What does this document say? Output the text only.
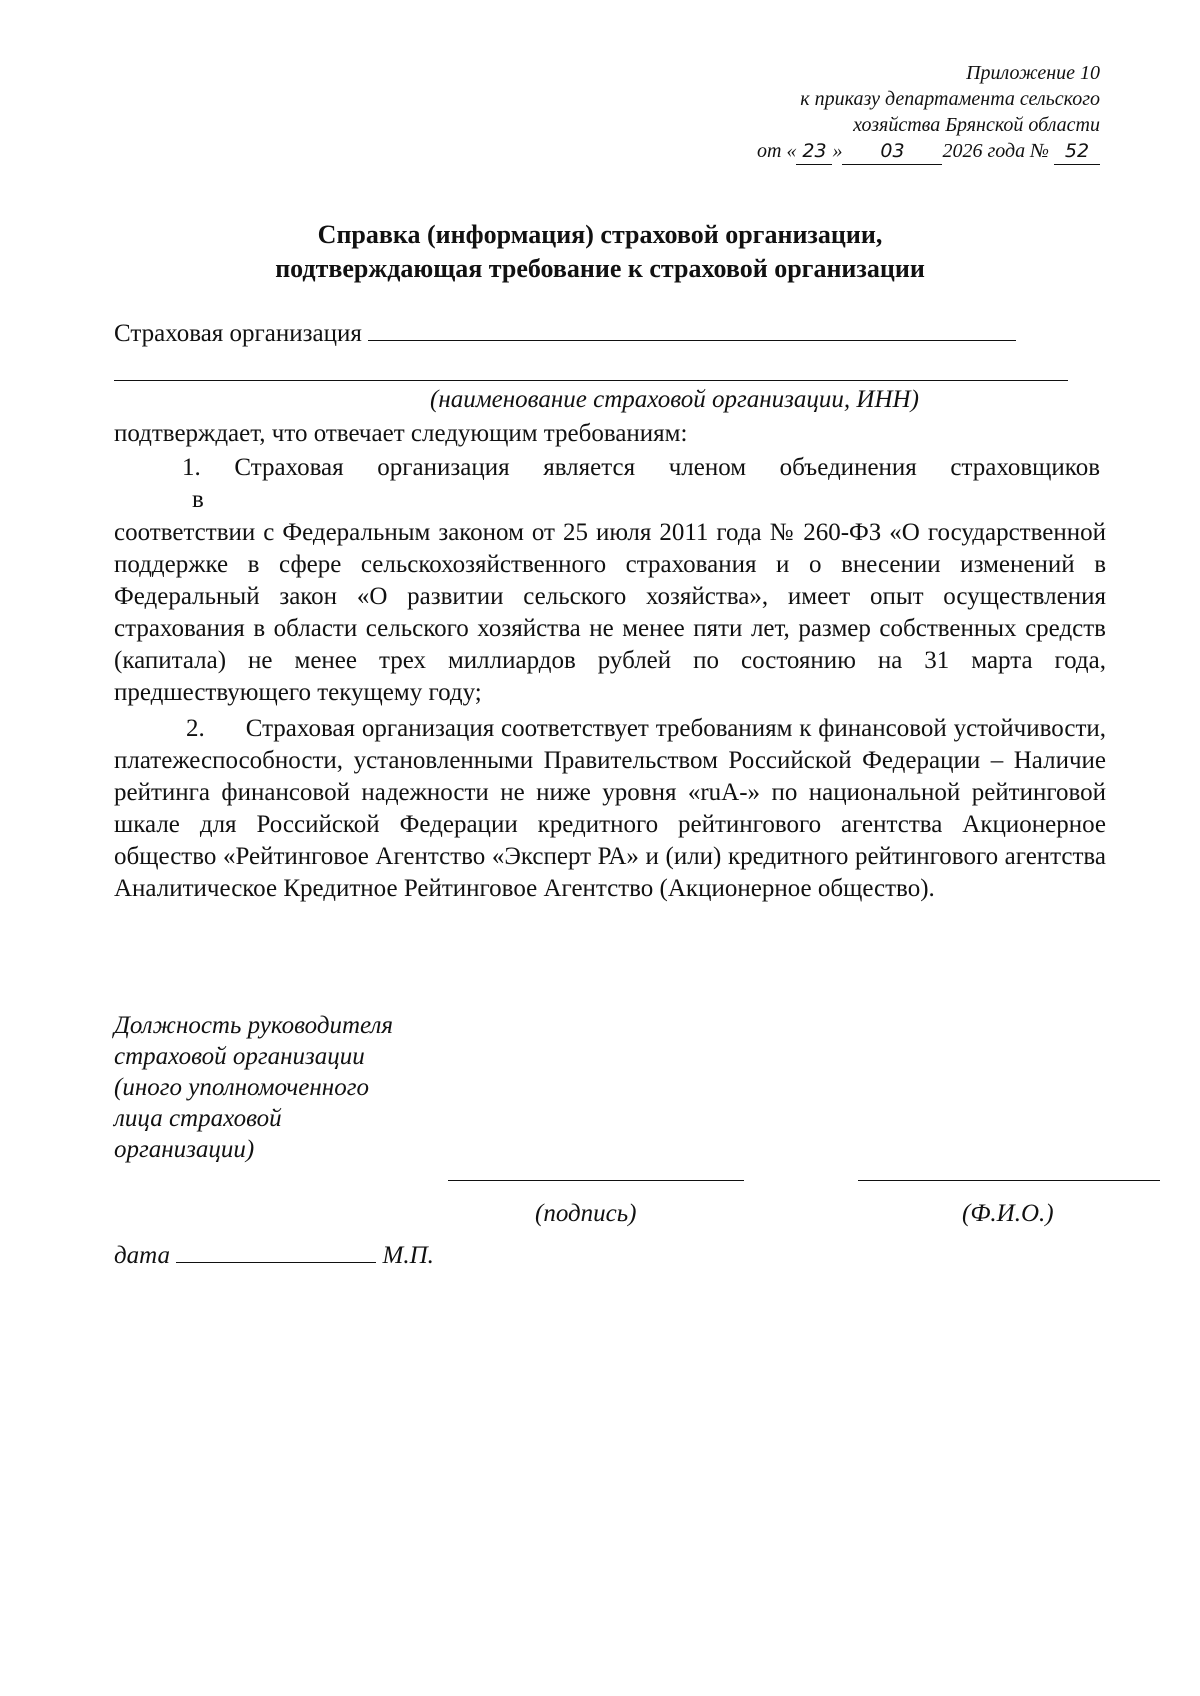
Приложение 10
к приказу департамента сельского
хозяйства Брянской области
от « 23 » 03 2026 года № 52
Справка (информация) страховой организации,
подтверждающая требование к страховой организации
Страховая организация
(наименование страховой организации, ИНН)
подтверждает, что отвечает следующим требованиям:
1. Страховая организация является членом объединения страховщиков
в
соответствии с Федеральным законом от 25 июля 2011 года № 260-ФЗ «О государственной поддержке в сфере сельскохозяйственного страхования и о внесении изменений в Федеральный закон «О развитии сельского хозяйства», имеет опыт осуществления страхования в области сельского хозяйства не менее пяти лет, размер собственных средств (капитала) не менее трех миллиардов рублей по состоянию на 31 марта года, предшествующего текущему году;
2. Страховая организация соответствует требованиям к финансовой устойчивости, платежеспособности, установленными Правительством Российской Федерации – Наличие рейтинга финансовой надежности не ниже уровня «ruA-» по национальной рейтинговой шкале для Российской Федерации кредитного рейтингового агентства Акционерное общество «Рейтинговое Агентство «Эксперт РА» и (или) кредитного рейтингового агентства Аналитическое Кредитное Рейтинговое Агентство (Акционерное общество).
Должность руководителя
страховой организации
(иного уполномоченного
лица страховой
организации)
(подпись)	(Ф.И.О.)
дата	М.П.
